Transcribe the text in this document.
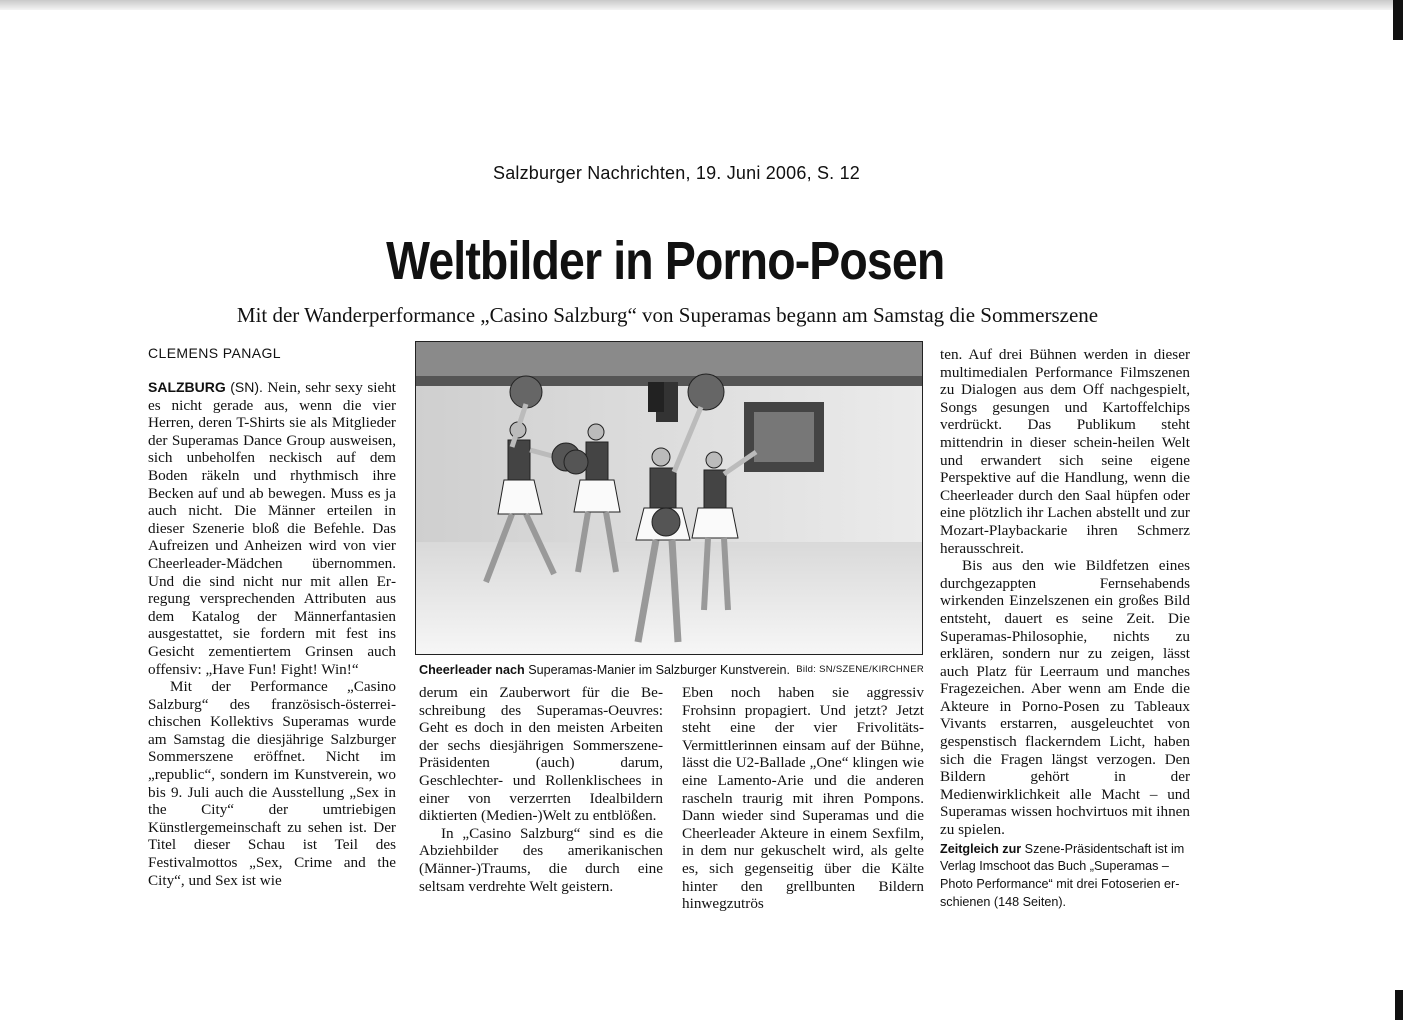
Salzburger Nachrichten, 19. Juni 2006, S. 12
Weltbilder in Porno-Posen
Mit der Wanderperformance „Casino Salzburg“ von Superamas begann am Samstag die Sommerszene
CLEMENS PANAGL

SALZBURG (SN). Nein, sehr sexy sieht es nicht gerade aus, wenn die vier Herren, deren T-Shirts sie als Mitglieder der Superamas Dance Group ausweisen, sich unbeholfen neckisch auf dem Boden räkeln und rhythmisch ihre Becken auf und ab bewegen. Muss es ja auch nicht. Die Männer erteilen in dieser Szenerie bloß die Befehle. Das Aufreizen und Anheizen wird von vier Cheerleader-Mädchen übernommen. Und die sind nicht nur mit allen Erregung versprechenden Attributen aus dem Katalog der Männerfantasien ausgestattet, sie fordern mit fest ins Gesicht zementiertem Grinsen auch offensiv: „Have Fun! Fight! Win!“

Mit der Performance „Casino Salzburg“ des französisch-österreichischen Kollektivs Superamas wurde am Samstag die diesjährige Salzburger Sommerszene eröffnet. Nicht im „republic“, sondern im Kunstverein, wo bis 9. Juli auch die Ausstellung „Sex in the City“ der umtriebigen Künstlergemeinschaft zu sehen ist. Der Titel dieser Schau ist Teil des Festivalmottos „Sex, Crime and the City“, und Sex ist wie

Cheerleader nach Superamas-Manier im Salzburger Kunstverein. Bild: SN/SZENE/KIRCHNER

derum ein Zauberwort für die Beschreibung des Superamas-Oeuvres: Geht es doch in den meisten Arbeiten der sechs diesjährigen Sommerszene-Präsidenten (auch) darum, Geschlechter- und Rollenklischees in einer von verzerrten Idealbildern diktierten (Medien-)Welt zu entblößen.

In „Casino Salzburg“ sind es die Abziehbilder des amerikanischen (Männer-)Traums, die durch eine seltsam verdrehte Welt geistern.

Eben noch haben sie aggressiv Frohsinn propagiert. Und jetzt? Jetzt steht eine der vier Frivolitäts-Vermittlerinnen einsam auf der Bühne, lässt die U2-Ballade „One“ klingen wie eine Lamento-Arie und die anderen rascheln traurig mit ihren Pompons. Dann wieder sind Superamas und die Cheerleader Akteure in einem Sexfilm, in dem nur gekuschelt wird, als gelte es, sich gegenseitig über die Kälte hinter den grellbunten Bildern hinwegzutrös

ten. Auf drei Bühnen werden in dieser multimedialen Performance Filmszenen zu Dialogen aus dem Off nachgespielt, Songs gesungen und Kartoffelchips verdrückt. Das Publikum steht mittendrin in dieser schein-heilen Welt und erwandert sich seine eigene Perspektive auf die Handlung, wenn die Cheerleader durch den Saal hüpfen oder eine plötzlich ihr Lachen abstellt und zur Mozart-Playbackarie ihren Schmerz herausschreit.

Bis aus den wie Bildfetzen eines durchgezappten Fernsehabends wirkenden Einzelszenen ein großes Bild entsteht, dauert es seine Zeit. Die Superamas-Philosophie, nichts zu erklären, sondern nur zu zeigen, lässt auch Platz für Leerraum und manches Fragezeichen. Aber wenn am Ende die Akteure in Porno-Posen zu Tableaux Vivants erstarren, ausgeleuchtet von gespenstisch flackerndem Licht, haben sich die Fragen längst verzogen. Den Bildern gehört in der Medienwirklichkeit alle Macht – und Superamas wissen hochvirtuos mit ihnen zu spielen.

Zeitgleich zur Szene-Präsidentschaft ist im Verlag Imschoot das Buch „Superamas – Photo Performance“ mit drei Fotoserien erschienen (148 Seiten).
